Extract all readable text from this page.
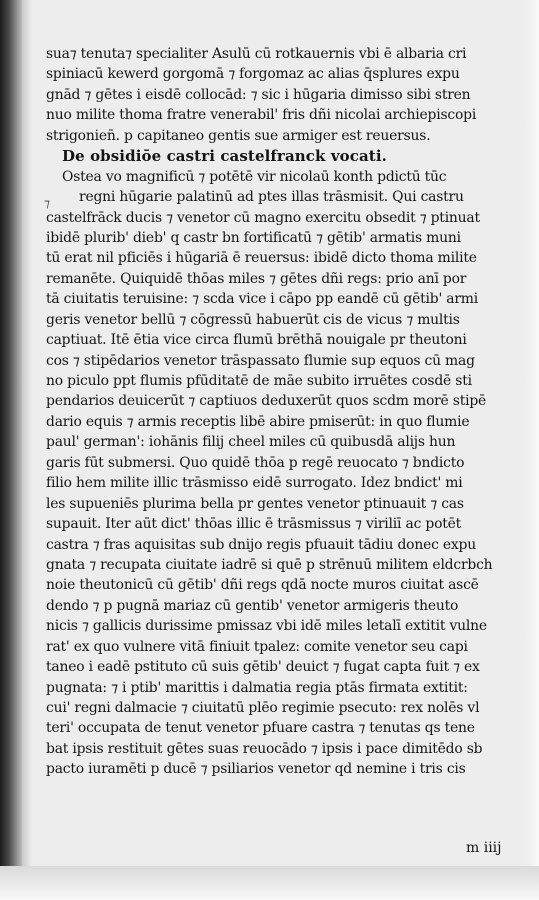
sua⁊ tenuta⁊ specialiter Asulū cū rotkauernis vbi ē albaria cri
spiniacū kewerd gorgomā ⁊ forgomaz ac alias q̄splures expu
gnād ⁊ gētes i eisdē collocād: ⁊ sic i hūgaria dimisso sibi stren
nuo milite thoma fratre venerabil' fris dñi nicolai archiepiscopi
strigonien̄. p capitaneo gentis sue armiger est reuersus.
De obsidiōe castri castelfranck vocati.
Ostea vo magnificū ⁊ potētē vir nicolaū konth pdictū tūc
regni hūgarie palatinū ad ptes illas trāsmisit. Qui castru
castelfrāck ducis ⁊ venetor cū magno exercitu obsedit ⁊ ptinuat
ibidē plurib' dieb' q castr bn fortificatū ⁊ gētib' armatis muni
tū erat nil pficiēs i hūgariā ē reuersus: ibidē dicto thoma milite
remanēte. Quiquidē thōas miles ⁊ gētes dñi regs: prio anī por
tā ciuitatis teruisine: ⁊ scda vice i cāpo pp eandē cū gētib' armi
geris venetor bellū ⁊ cōgressū habuerūt cis de vicus ⁊ multis
captiuat. Itē ētia vice circa flumū brēthā nouigale pr theutoni
cos ⁊ stipēdarios venetor trāspassato flumie sup equos cū mag
no piculo ppt flumis pfūditatē de māe subito irruētes cosdē sti
pendarios deuicerūt ⁊ captiuos deduxerūt quos scdm morē stipē
dario equis ⁊ armis receptis libē abire pmiserūt: in quo flumie
paul' german': iohānis filij cheel miles cū quibusdā alijs hun
garis fūt submersi. Quo quidē thōa p regē reuocato ⁊ bndicto
filio hem milite illic trāsmisso eidē surrogato. Idez bndict' mi
les supueniēs plurima bella pr gentes venetor ptinuauit ⁊ cas
supauit. Iter aūt dict' thōas illic ē trāsmissus ⁊ viriliī ac potēt
castra ⁊ fras aquisitas sub dnijo regis pfuauit tādiu donec expu
gnata ⁊ recupata ciuitate iadrē si quē p strēnuū militem eldcrbch
noie theutonicū cū gētib' dñi regs qdā nocte muros ciuitat ascē
dendo ⁊ p pugnā mariaz cū gentib' venetor armigeris theuto
nicis ⁊ gallicis durissime pmissaz vbi idē miles letalī extitit vulne
rat' ex quo vulnere vitā finiuit tpalez: comite venetor seu capi
taneo i eadē pstituto cū suis gētib' deuict ⁊ fugat capta fuit ⁊ ex
pugnata: ⁊ i ptib' marittis i dalmatia regia ptās firmata extitit:
cui' regni dalmacie ⁊ ciuitatū plēo regimie psecuto: rex nolēs vl
teri' occupata de tenut venetor pfuare castra ⁊ tenutas qs tene
bat ipsis restituit gētes suas reuocādo ⁊ ipsis i pace dimitēdo sb
pacto iuramēti p ducē ⁊ psiliarios venetor qd nemine i tris cis
⁊
m iiij
